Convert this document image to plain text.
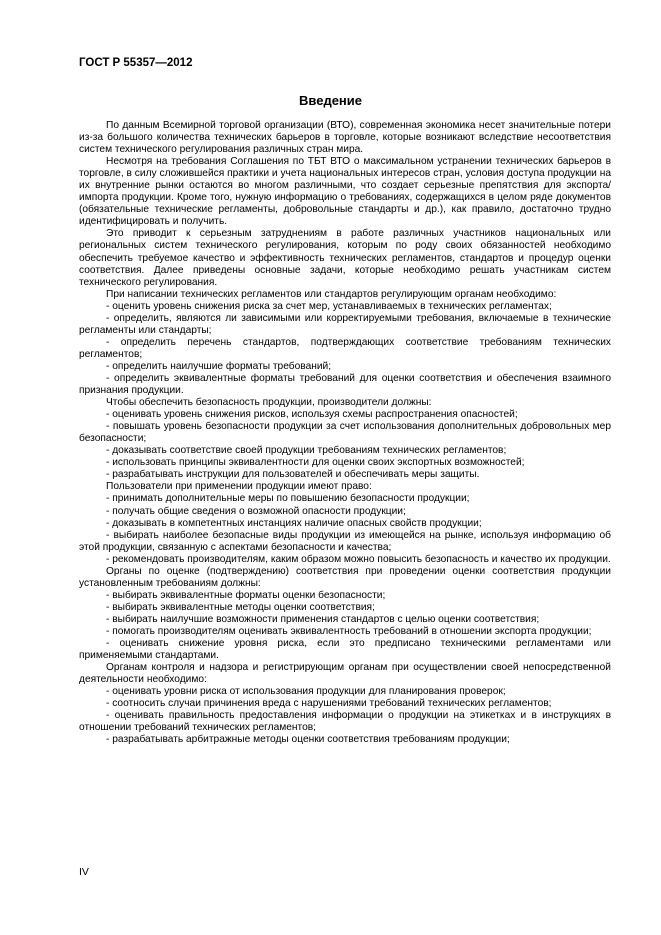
ГОСТ Р 55357—2012
Введение

По данным Всемирной торговой организации (ВТО), современная экономика несет значительные потери из-за большого количества технических барьеров в торговле, которые возникают вследствие несоответствия систем технического регулирования различных стран мира.

Несмотря на требования Соглашения по ТБТ ВТО о максимальном устранении технических барьеров в торговле, в силу сложившейся практики и учета национальных интересов стран, условия доступа продукции на их внутренние рынки остаются во многом различными, что создает серьезные препятствия для экспорта/импорта продукции. Кроме того, нужную информацию о требованиях, содержащихся в целом ряде документов (обязательные технические регламенты, добровольные стандарты и др.), как правило, достаточно трудно идентифицировать и получить.

Это приводит к серьезным затруднениям в работе различных участников национальных или региональных систем технического регулирования, которым по роду своих обязанностей необходимо обеспечить требуемое качество и эффективность технических регламентов, стандартов и процедур оценки соответствия. Далее приведены основные задачи, которые необходимо решать участникам систем технического регулирования.

При написании технических регламентов или стандартов регулирующим органам необходимо:

- оценить уровень снижения риска за счет мер, устанавливаемых в технических регламентах;

- определить, являются ли зависимыми или корректируемыми требования, включаемые в технические регламенты или стандарты;

- определить перечень стандартов, подтверждающих соответствие требованиям технических регламентов;

- определить наилучшие форматы требований;

- определить эквивалентные форматы требований для оценки соответствия и обеспечения взаимного признания продукции.

Чтобы обеспечить безопасность продукции, производители должны:

- оценивать уровень снижения рисков, используя схемы распространения опасностей;

- повышать уровень безопасности продукции за счет использования дополнительных добровольных мер безопасности;

- доказывать соответствие своей продукции требованиям технических регламентов;

- использовать принципы эквивалентности для оценки своих экспортных возможностей;

- разрабатывать инструкции для пользователей и обеспечивать меры защиты.

Пользователи при применении продукции имеют право:

- принимать дополнительные меры по повышению безопасности продукции;

- получать общие сведения о возможной опасности продукции;

- доказывать в компетентных инстанциях наличие опасных свойств продукции;

- выбирать наиболее безопасные виды продукции из имеющейся на рынке, используя информацию об этой продукции, связанную с аспектами безопасности и качества;

- рекомендовать производителям, каким образом можно повысить безопасность и качество их продукции.

Органы по оценке (подтверждению) соответствия при проведении оценки соответствия продукции установленным требованиям должны:

- выбирать эквивалентные форматы оценки безопасности;

- выбирать эквивалентные методы оценки соответствия;

- выбирать наилучшие возможности применения стандартов с целью оценки соответствия;

- помогать производителям оценивать эквивалентность требований в отношении экспорта продукции;

- оценивать снижение уровня риска, если это предписано техническими регламентами или применяемыми стандартами.

Органам контроля и надзора и регистрирующим органам при осуществлении своей непосредственной деятельности необходимо:

- оценивать уровни риска от использования продукции для планирования проверок;

- соотносить случаи причинения вреда с нарушениями требований технических регламентов;

- оценивать правильность предоставления информации о продукции на этикетках и в инструкциях в отношении требований технических регламентов;

- разрабатывать арбитражные методы оценки соответствия требованиям продукции;

IV
